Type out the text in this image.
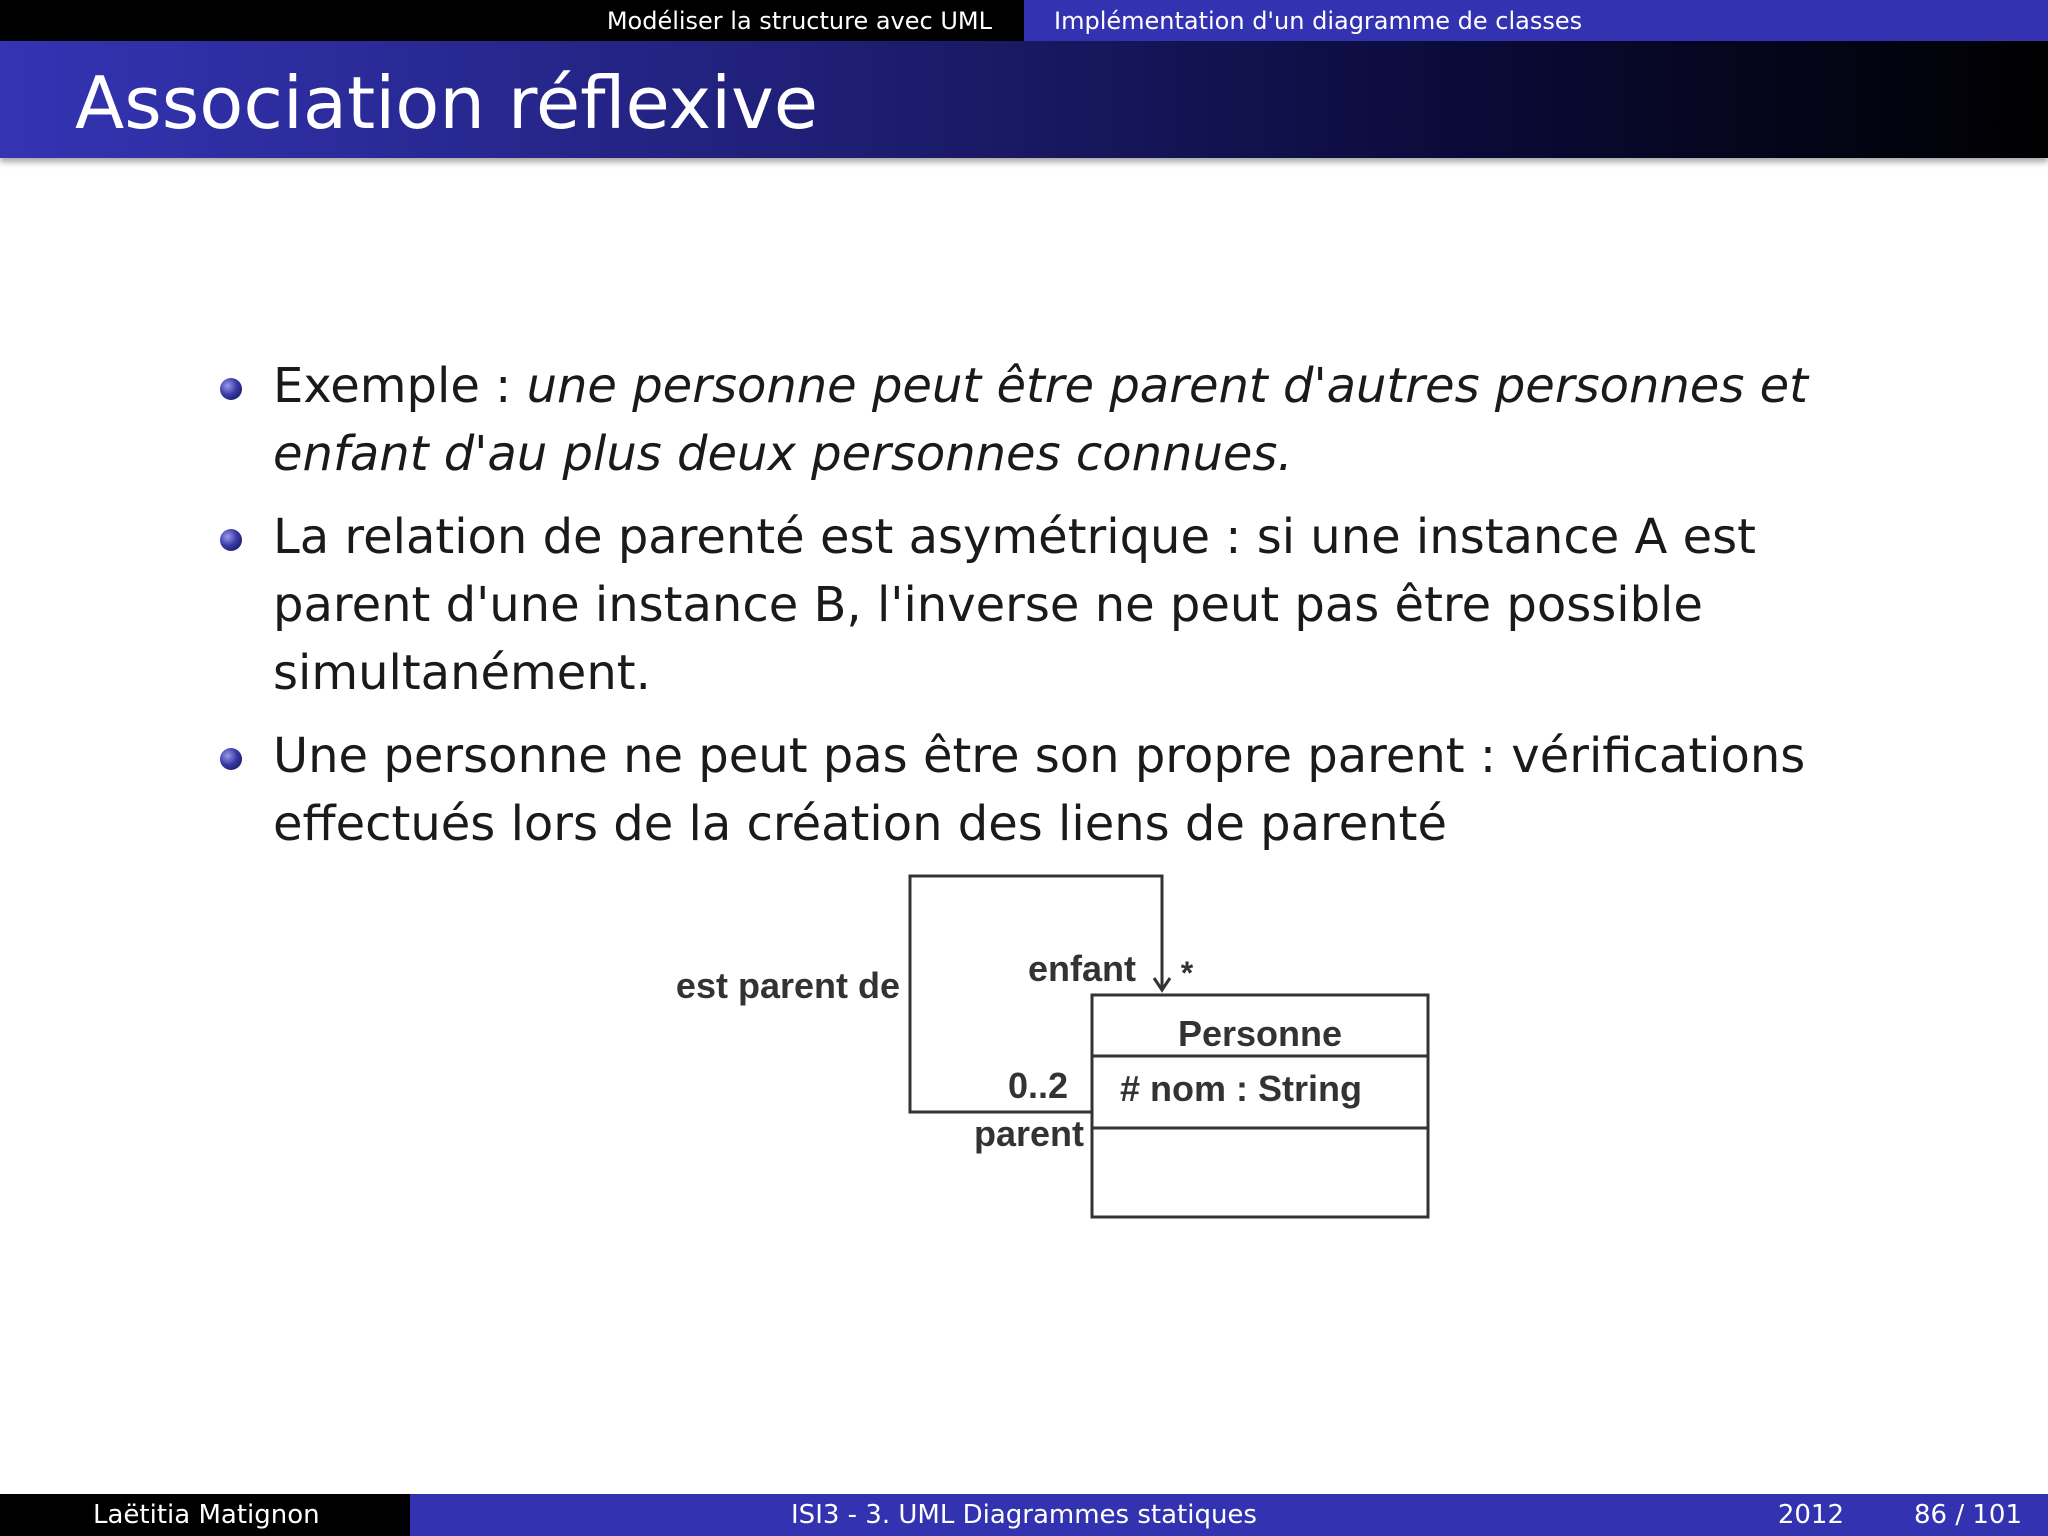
Modéliser la structure avec UML	Implémentation d'un diagramme de classes
Association réflexive
Exemple : une personne peut être parent d'autres personnes et enfant d'au plus deux personnes connues.
La relation de parenté est asymétrique : si une instance A est parent d'une instance B, l'inverse ne peut pas être possible simultanément.
Une personne ne peut pas être son propre parent : vérifications effectués lors de la création des liens de parenté
Personne
# nom : String
est parent de	enfant *
0..2
parent
Laëtitia Matignon	ISI3 - 3. UML Diagrammes statiques	2012	86 / 101
